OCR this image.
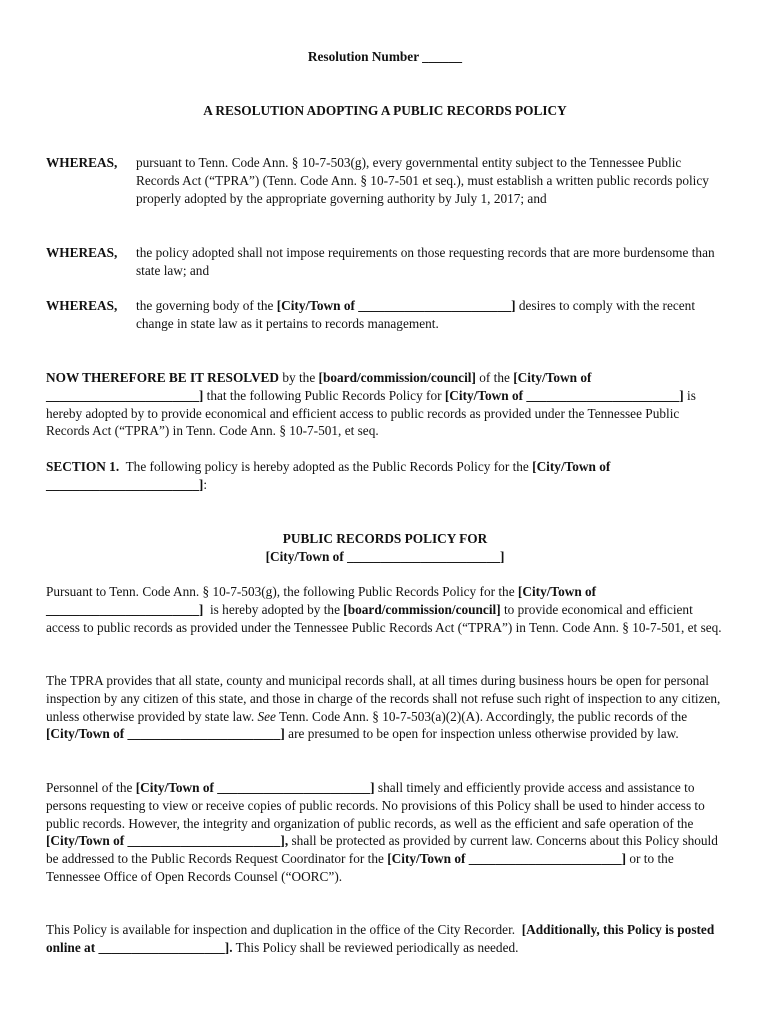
Resolution Number ______
A RESOLUTION ADOPTING A PUBLIC RECORDS POLICY
WHEREAS,	pursuant to Tenn. Code Ann. § 10-7-503(g), every governmental entity subject to the Tennessee Public Records Act (“TPRA”) (Tenn. Code Ann. § 10-7-501 et seq.), must establish a written public records policy properly adopted by the appropriate governing authority by July 1, 2017; and
WHEREAS,	the policy adopted shall not impose requirements on those requesting records that are more burdensome than state law; and
WHEREAS,	the governing body of the [City/Town of _______________________] desires to comply with the recent change in state law as it pertains to records management.
NOW THEREFORE BE IT RESOLVED by the [board/commission/council] of the [City/Town of _______________________] that the following Public Records Policy for [City/Town of _______________________] is hereby adopted by to provide economical and efficient access to public records as provided under the Tennessee Public Records Act (“TPRA”) in Tenn. Code Ann. § 10-7-501, et seq.
SECTION 1.  The following policy is hereby adopted as the Public Records Policy for the [City/Town of _______________________]:
PUBLIC RECORDS POLICY FOR
[City/Town of _______________________]
Pursuant to Tenn. Code Ann. § 10-7-503(g), the following Public Records Policy for the [City/Town of _______________________]  is hereby adopted by the [board/commission/council] to provide economical and efficient access to public records as provided under the Tennessee Public Records Act (“TPRA”) in Tenn. Code Ann. § 10-7-501, et seq.
The TPRA provides that all state, county and municipal records shall, at all times during business hours be open for personal inspection by any citizen of this state, and those in charge of the records shall not refuse such right of inspection to any citizen, unless otherwise provided by state law. See Tenn. Code Ann. § 10-7-503(a)(2)(A). Accordingly, the public records of the [City/Town of _______________________] are presumed to be open for inspection unless otherwise provided by law.
Personnel of the [City/Town of _______________________] shall timely and efficiently provide access and assistance to persons requesting to view or receive copies of public records. No provisions of this Policy shall be used to hinder access to public records. However, the integrity and organization of public records, as well as the efficient and safe operation of the [City/Town of _______________________], shall be protected as provided by current law. Concerns about this Policy should be addressed to the Public Records Request Coordinator for the [City/Town of _______________________] or to the Tennessee Office of Open Records Counsel (“OORC”).
This Policy is available for inspection and duplication in the office of the City Recorder.  [Additionally, this Policy is posted online at ___________________]. This Policy shall be reviewed periodically as needed.
